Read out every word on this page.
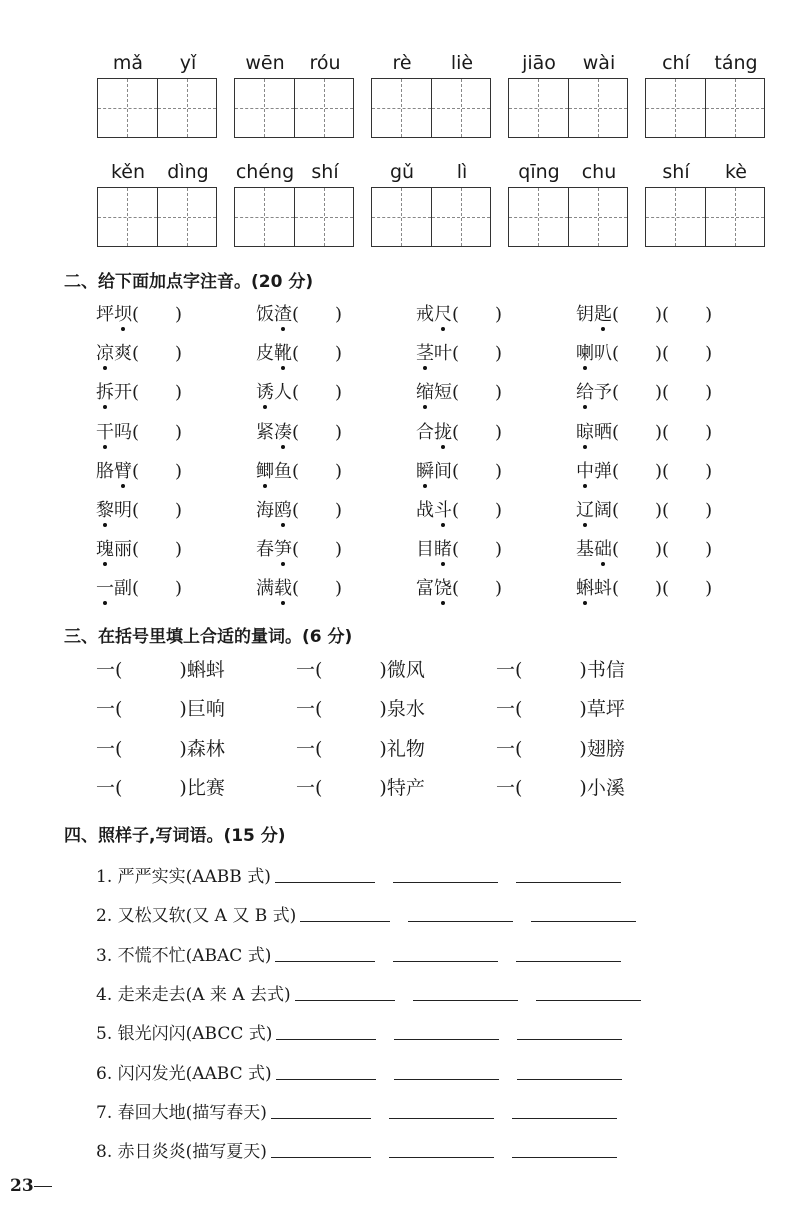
mǎ	yǐ	wēn	róu	rè	liè	jiāo	wài	chí	táng
kěn	dìng	chéng shí	gǔ	lì	qīng	chu	shí	kè
二、给下面加点字注音。(20 分)
坪坝(　　)	饭渣(　　)	戒尺(　　)	钥匙(　　)(　　)
凉爽(　　)	皮靴(　　)	茎叶(　　)	喇叭(　　)(　　)
拆开(　　)	诱人(　　)	缩短(　　)	给予(　　)(　　)
干吗(　　)	紧凑(　　)	合拢(　　)	晾晒(　　)(　　)
胳臂(　　)	鲫鱼(　　)	瞬间(　　)	中弹(　　)(　　)
黎明(　　)	海鸥(　　)	战斗(　　)	辽阔(　　)(　　)
瑰丽(　　)	春笋(　　)	目睹(　　)	基础(　　)(　　)
一副(　　)	满载(　　)	富饶(　　)	蝌蚪(　　)(　　)
三、在括号里填上合适的量词。(6 分)
一(　　　)蝌蚪	一(　　　)微风	一(　　　)书信
一(　　　)巨响	一(　　　)泉水	一(　　　)草坪
一(　　　)森林	一(　　　)礼物	一(　　　)翅膀
一(　　　)比赛	一(　　　)特产	一(　　　)小溪
四、照样子,写词语。(15 分)
1. 严严实实(AABB 式)
2. 又松又软(又 A 又 B 式)
3. 不慌不忙(ABAC 式)
4. 走来走去(A 来 A 去式)
5. 银光闪闪(ABCC 式)
6. 闪闪发光(AABC 式)
7. 春回大地(描写春天)
8. 赤日炎炎(描写夏天)
23
